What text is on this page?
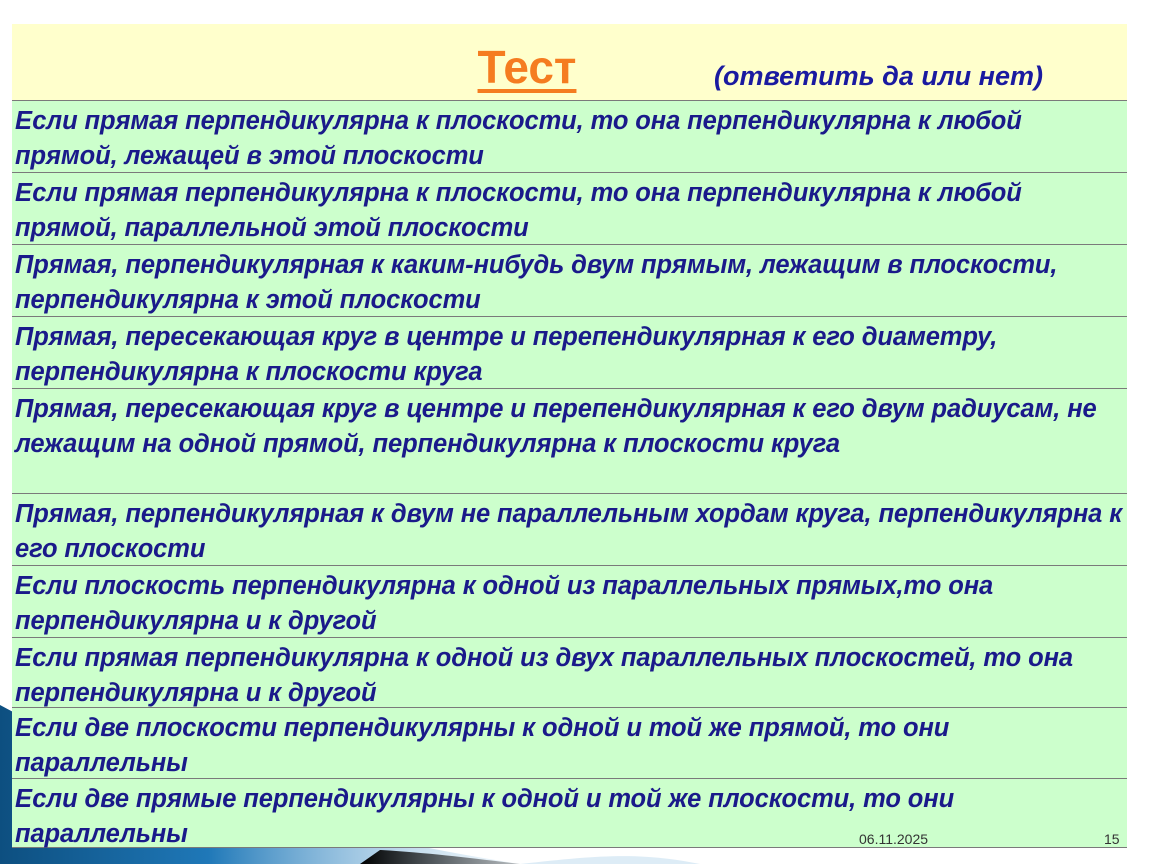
Тест	(ответить да или нет)
Если прямая перпендикулярна к плоскости, то она перпендикулярна к любой прямой, лежащей в этой плоскости
Если прямая перпендикулярна к плоскости, то она перпендикулярна к любой прямой, параллельной этой плоскости
Прямая, перпендикулярная к каким-нибудь двум прямым, лежащим в плоскости, перпендикулярна к этой плоскости
Прямая, пересекающая круг в центре и перепендикулярная к его диаметру, перпендикулярна к плоскости круга
Прямая, пересекающая круг в центре и перепендикулярная к его двум радиусам, не лежащим на одной прямой, перпендикулярна к плоскости круга
Прямая, перпендикулярная к двум не параллельным хордам круга, перпендикулярна к его плоскости
Если плоскость перпендикулярна к одной из параллельных прямых,то она перпендикулярна и к другой
Если прямая перпендикулярна к одной из двух параллельных плоскостей, то она перпендикулярна и к другой
Если две плоскости перпендикулярны к одной и той же прямой, то они параллельны
Если две прямые перпендикулярны к одной и той же плоскости, то они параллельны	06.11.2025	15
